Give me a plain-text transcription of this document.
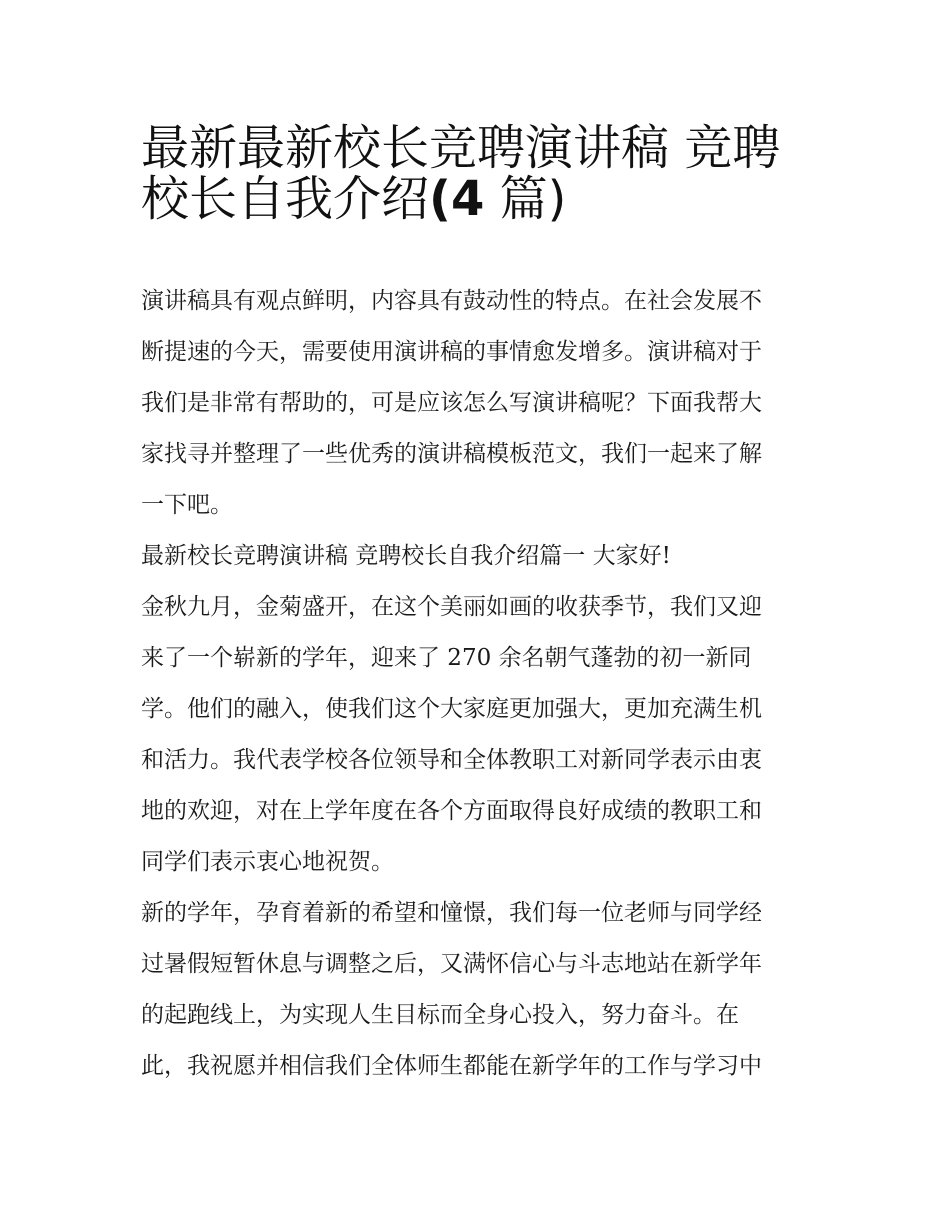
最新最新校长竞聘演讲稿 竞聘
校长自我介绍(4 篇)

演讲稿具有观点鲜明，内容具有鼓动性的特点。在社会发展不
断提速的今天，需要使用演讲稿的事情愈发增多。演讲稿对于
我们是非常有帮助的，可是应该怎么写演讲稿呢？下面我帮大
家找寻并整理了一些优秀的演讲稿模板范文，我们一起来了解
一下吧。

最新校长竞聘演讲稿 竞聘校长自我介绍篇一 大家好!

金秋九月，金菊盛开，在这个美丽如画的收获季节，我们又迎
来了一个崭新的学年，迎来了 270 余名朝气蓬勃的初一新同
学。他们的融入，使我们这个大家庭更加强大，更加充满生机
和活力。我代表学校各位领导和全体教职工对新同学表示由衷
地的欢迎，对在上学年度在各个方面取得良好成绩的教职工和
同学们表示衷心地祝贺。

新的学年，孕育着新的希望和憧憬，我们每一位老师与同学经
过暑假短暂休息与调整之后，又满怀信心与斗志地站在新学年
的起跑线上，为实现人生目标而全身心投入，努力奋斗。在
此，我祝愿并相信我们全体师生都能在新学年的工作与学习中
